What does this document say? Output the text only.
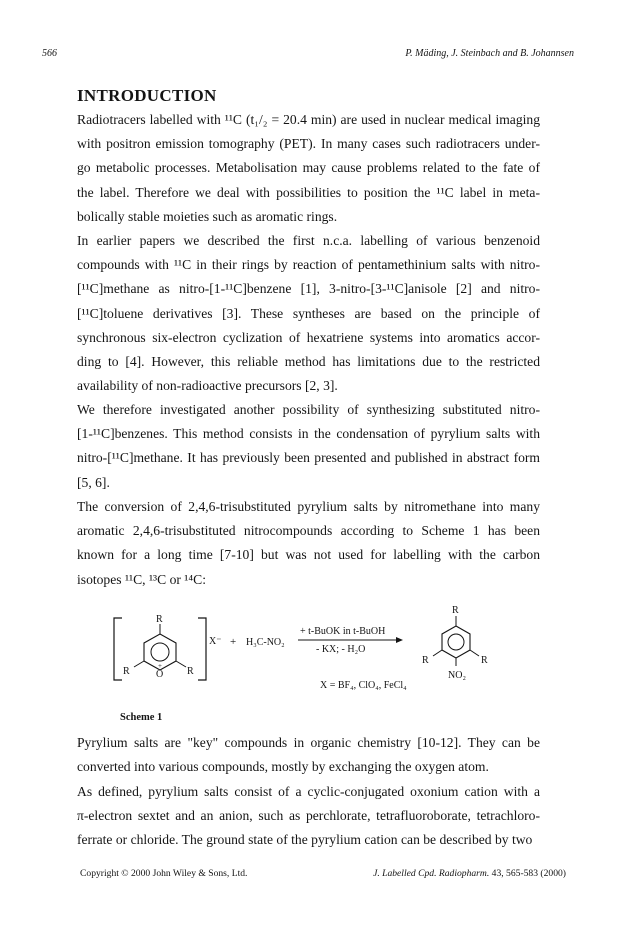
566	P. Mäding, J. Steinbach and B. Johannsen
INTRODUCTION
Radiotracers labelled with ¹¹C (t₁/₂ = 20.4 min) are used in nuclear medical imaging
with positron emission tomography (PET). In many cases such radiotracers under-
go metabolic processes. Metabolisation may cause problems related to the fate of
the label. Therefore we deal with possibilities to position the ¹¹C label in meta-
bolically stable moieties such as aromatic rings.
In earlier papers we described the first n.c.a. labelling of various benzenoid
compounds with ¹¹C in their rings by reaction of pentamethinium salts with nitro-
[¹¹C]methane as nitro-[1-¹¹C]benzene [1], 3-nitro-[3-¹¹C]anisole [2] and nitro-
[¹¹C]toluene derivatives [3]. These syntheses are based on the principle of
synchronous six-electron cyclization of hexatriene systems into aromatics accor-
ding to [4]. However, this reliable method has limitations due to the restricted
availability of non-radioactive precursors [2, 3].
We therefore investigated another possibility of synthesizing substituted nitro-
[1-¹¹C]benzenes. This method consists in the condensation of pyrylium salts with
nitro-[¹¹C]methane. It has previously been presented and published in abstract form
[5, 6].
The conversion of 2,4,6-trisubstituted pyrylium salts by nitromethane into many
aromatic 2,4,6-trisubstituted nitrocompounds according to Scheme 1 has been
known for a long time [7-10] but was not used for labelling with the carbon
isotopes ¹¹C, ¹³C or ¹⁴C:
R
R	R
O
+
X⁻ + H₃C-NO₂
+ t-BuOK in t-BuOH
- KX; - H₂O
X = BF₄, ClO₄, FeCl₄
R
R	R
NO₂
Scheme 1
Pyrylium salts are "key" compounds in organic chemistry [10-12]. They can be
converted into various compounds, mostly by exchanging the oxygen atom.
As defined, pyrylium salts consist of a cyclic-conjugated oxonium cation with a
π-electron sextet and an anion, such as perchlorate, tetrafluoroborate, tetrachloro-
ferrate or chloride. The ground state of the pyrylium cation can be described by two
Copyright © 2000 John Wiley & Sons, Ltd.	J. Labelled Cpd. Radiopharm. 43, 565-583 (2000)
